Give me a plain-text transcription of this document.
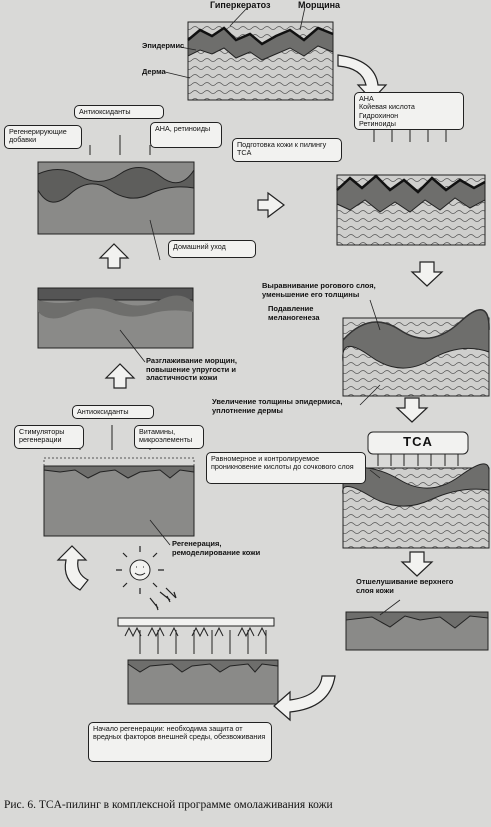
Гиперкератоз	Морщина
Эпидермис
Дерма
АНА
Койевая кислота
Гидрохинон
Ретиноиды
Подготовка кожи к пилингу TCA
Антиоксиданты
Регенерирующие добавки
АНА, ретиноиды
Домашний уход
Выравнивание рогового слоя, уменьшение его толщины
Подавление меланогенеза
Разглаживание морщин, повышение упругости и эластичности кожи
Увеличение толщины эпидермиса, уплотнение дермы
Антиоксиданты
Стимуляторы регенерации
Витамины, микроэлементы	TCA
Равномерное и контролируемое проникновение кислоты до сочкового слоя
Регенерация, ремоделирование кожи
Отшелушивание верхнего слоя кожи
Начало регенерации: необходима защита от вредных факторов внешней среды, обезвоживания
Рис. 6. TCA-пилинг в комплексной программе омолаживания кожи
